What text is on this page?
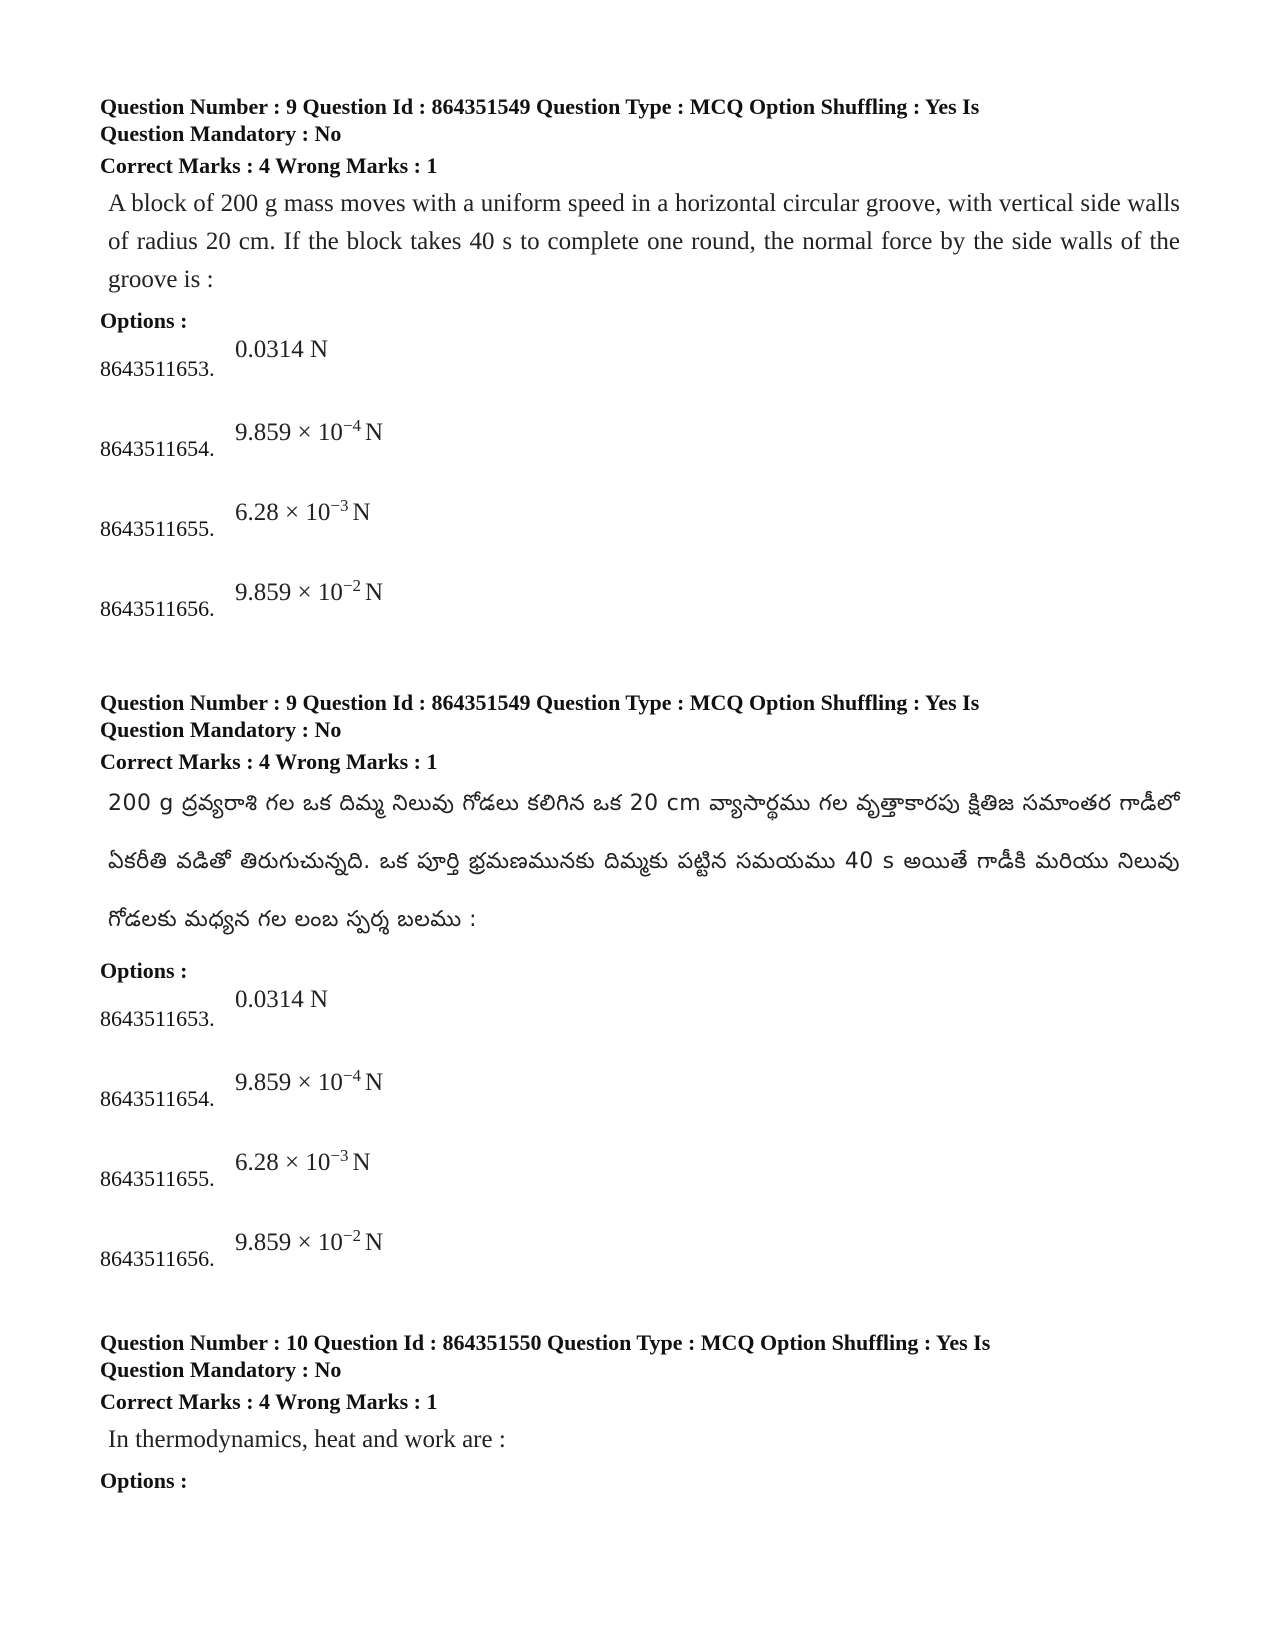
Question Number : 9 Question Id : 864351549 Question Type : MCQ Option Shuffling : Yes Is
Question Mandatory : No
Correct Marks : 4 Wrong Marks : 1

A block of 200 g mass moves with a uniform speed in a horizontal circular groove, with vertical side walls of radius 20 cm. If the block takes 40 s to complete one round, the normal force by the side walls of the groove is :

Options :
8643511653.
0.0314 N
8643511654.
$9.859 \times 10^{-4}$ N
8643511655.
$6.28 \times 10^{-3}$ N
8643511656.
$9.859 \times 10^{-2}$ N
Question Number : 9 Question Id : 864351549 Question Type : MCQ Option Shuffling : Yes Is
Question Mandatory : No
Correct Marks : 4 Wrong Marks : 1

200 g ద్రవ్యరాశి గల ఒక దిమ్మ నిలువు గోడలు కలిగిన ఒక 20 cm వ్యాసార్థము గల వృత్తాకారపు క్షితిజ సమాంతర గాడీలో ఏకరీతి వడితో తిరుగుచున్నది. ఒక పూర్తి భ్రమణమునకు దిమ్మకు పట్టిన సమయము 40 s అయితే గాడీకి మరియు నిలువు గోడలకు మధ్యన గల లంబ స్పర్శ బలము :

Options :
8643511653.
0.0314 N
8643511654.
$9.859 \times 10^{-4}$ N
8643511655.
$6.28 \times 10^{-3}$ N
8643511656.
$9.859 \times 10^{-2}$ N
Question Number : 10 Question Id : 864351550 Question Type : MCQ Option Shuffling : Yes Is
Question Mandatory : No
Correct Marks : 4 Wrong Marks : 1

In thermodynamics, heat and work are :

Options :
